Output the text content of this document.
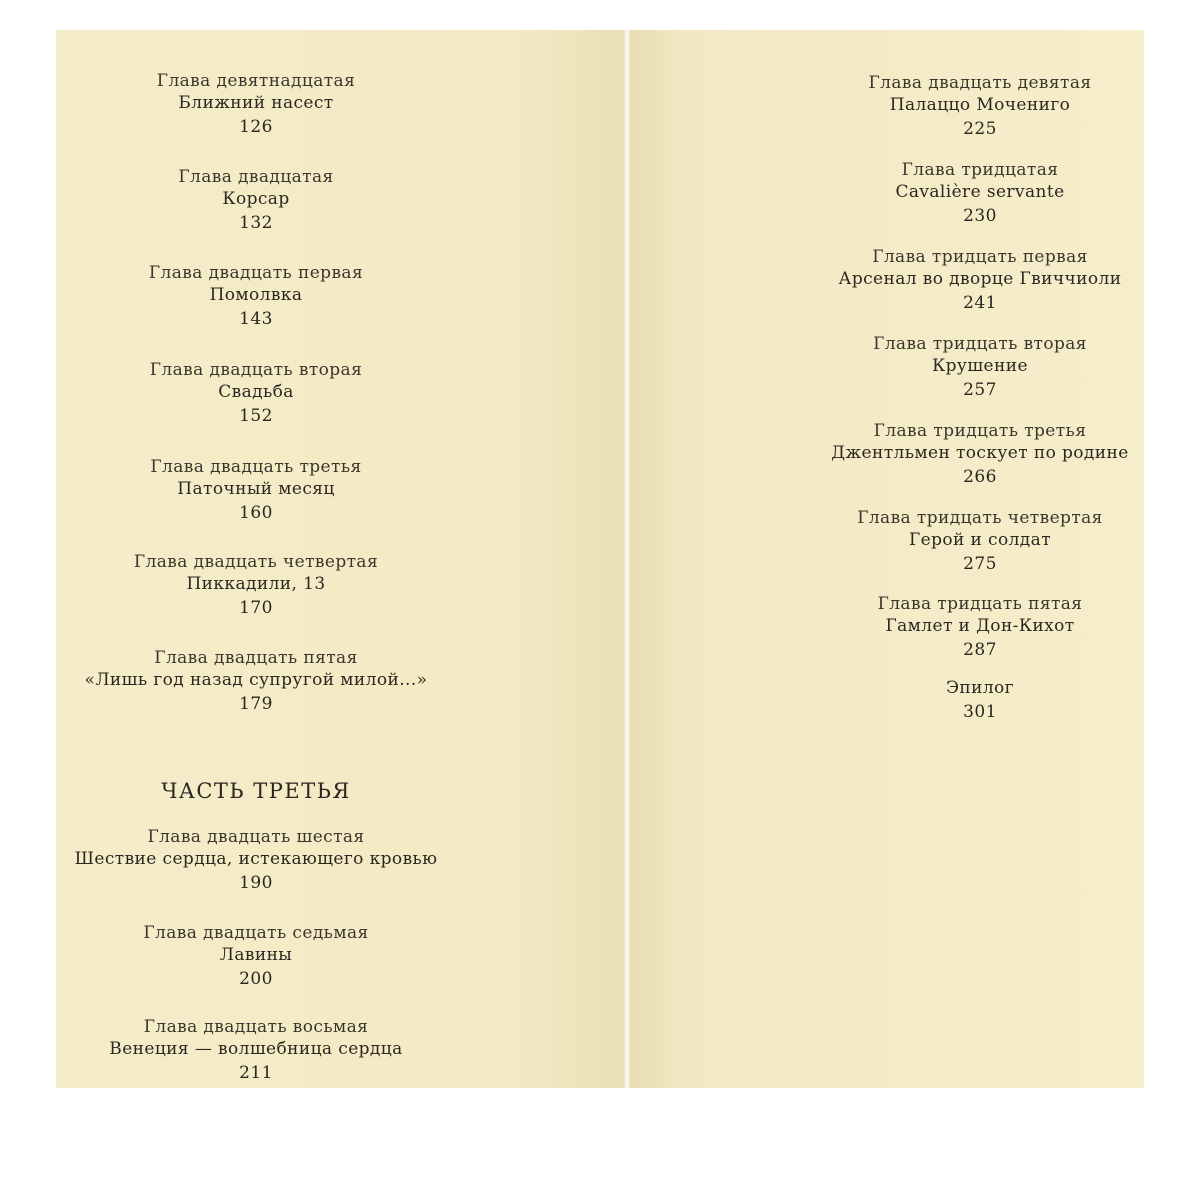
Глава девятнадцатая
Ближний насест
126
Глава двадцатая
Корсар
132
Глава двадцать первая
Помолвка
143
Глава двадцать вторая
Свадьба
152
Глава двадцать третья
Паточный месяц
160
Глава двадцать четвертая
Пиккадили, 13
170
Глава двадцать пятая
«Лишь год назад супругой милой...»
179
ЧАСТЬ ТРЕТЬЯ
Глава двадцать шестая
Шествие сердца, истекающего кровью
190
Глава двадцать седьмая
Лавины
200
Глава двадцать восьмая
Венеция — волшебница сердца
211
Глава двадцать девятая
Палаццо Мочениго
225
Глава тридцатая
Cavalière servante
230
Глава тридцать первая
Арсенал во дворце Гвиччиоли
241
Глава тридцать вторая
Крушение
257
Глава тридцать третья
Джентльмен тоскует по родине
266
Глава тридцать четвертая
Герой и солдат
275
Глава тридцать пятая
Гамлет и Дон-Кихот
287
Эпилог
301
